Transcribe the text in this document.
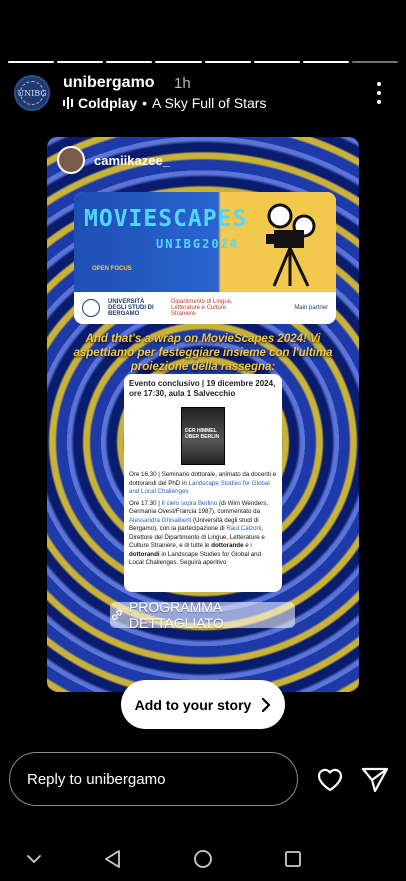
UNIBG
unibergamo 1h
Coldplay • A Sky Full of Stars
camiikazee_
MOVIESCAPES
UNIBG2024
OPEN FOCUS
UNIVERSITÀ DEGLI STUDI DI BERGAMO
Dipartimento di Lingue, Letterature e Culture Straniere
Main partner
And that's a wrap on MovieScapes 2024! Vi aspettiamo per festeggiare insieme con l'ultima proiezione della rassegna:
Evento conclusivo | 19 dicembre 2024, ore 17:30, aula 1 Salvecchio
DER HIMMEL ÜBER BERLIN

Ore 16.30 | Seminario dottorale, animato da docenti e dottorandi del PhD in Landscape Studies for Global and Local Challenges

Ore 17.30 | Il cielo sopra Berlino (di Wim Wenders, Germania Ovest/Francia 1987), commentato da Alessandra Ghisalberti (Università degli studi di Bergamo), con la partecipazione di Raul Calzoni, Direttore del Dipartimento di Lingue, Letterature e Culture Straniere, e di tutte le dottorande e i dottorandi in Landscape Studies for Global and Local Challenges. Seguirà aperitivo

PROGRAMMA DETTAGLIATO
Add to your story
Reply to unibergamo
